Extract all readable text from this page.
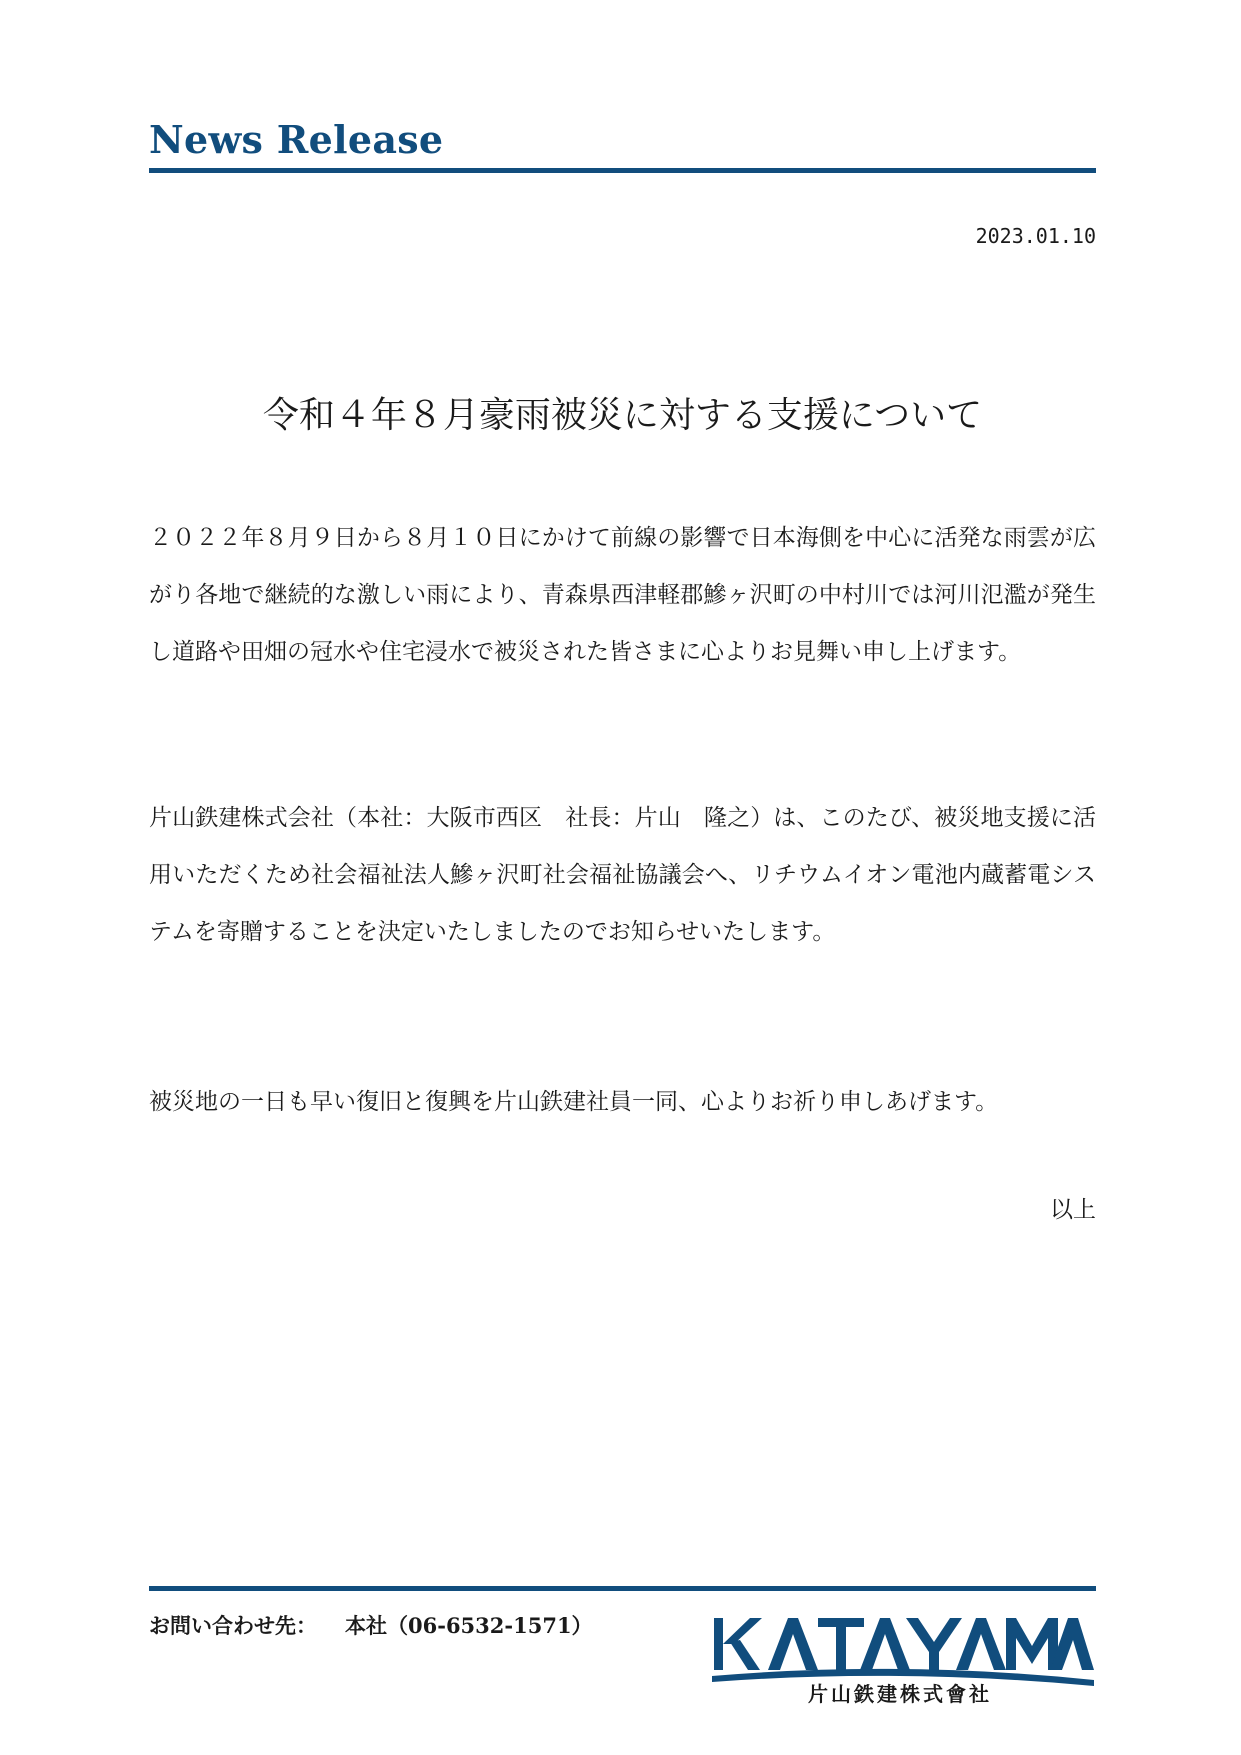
News Release
2023.01.10
令和４年８月豪雨被災に対する支援について

２０２２年８月９日から８月１０日にかけて前線の影響で日本海側を中心に活発な雨雲が広がり各地で継続的な激しい雨により、青森県西津軽郡鰺ヶ沢町の中村川では河川氾濫が発生し道路や田畑の冠水や住宅浸水で被災された皆さまに心よりお見舞い申し上げます。

片山鉄建株式会社（本社：大阪市西区　社長：片山　隆之）は、このたび、被災地支援に活用いただくため社会福祉法人鰺ヶ沢町社会福祉協議会へ、リチウムイオン電池内蔵蓄電システムを寄贈することを決定いたしましたのでお知らせいたします。

被災地の一日も早い復旧と復興を片山鉄建社員一同、心よりお祈り申しあげます。

以上
お問い合わせ先： 本社（06-6532-1571）
片山鉄建株式會社
